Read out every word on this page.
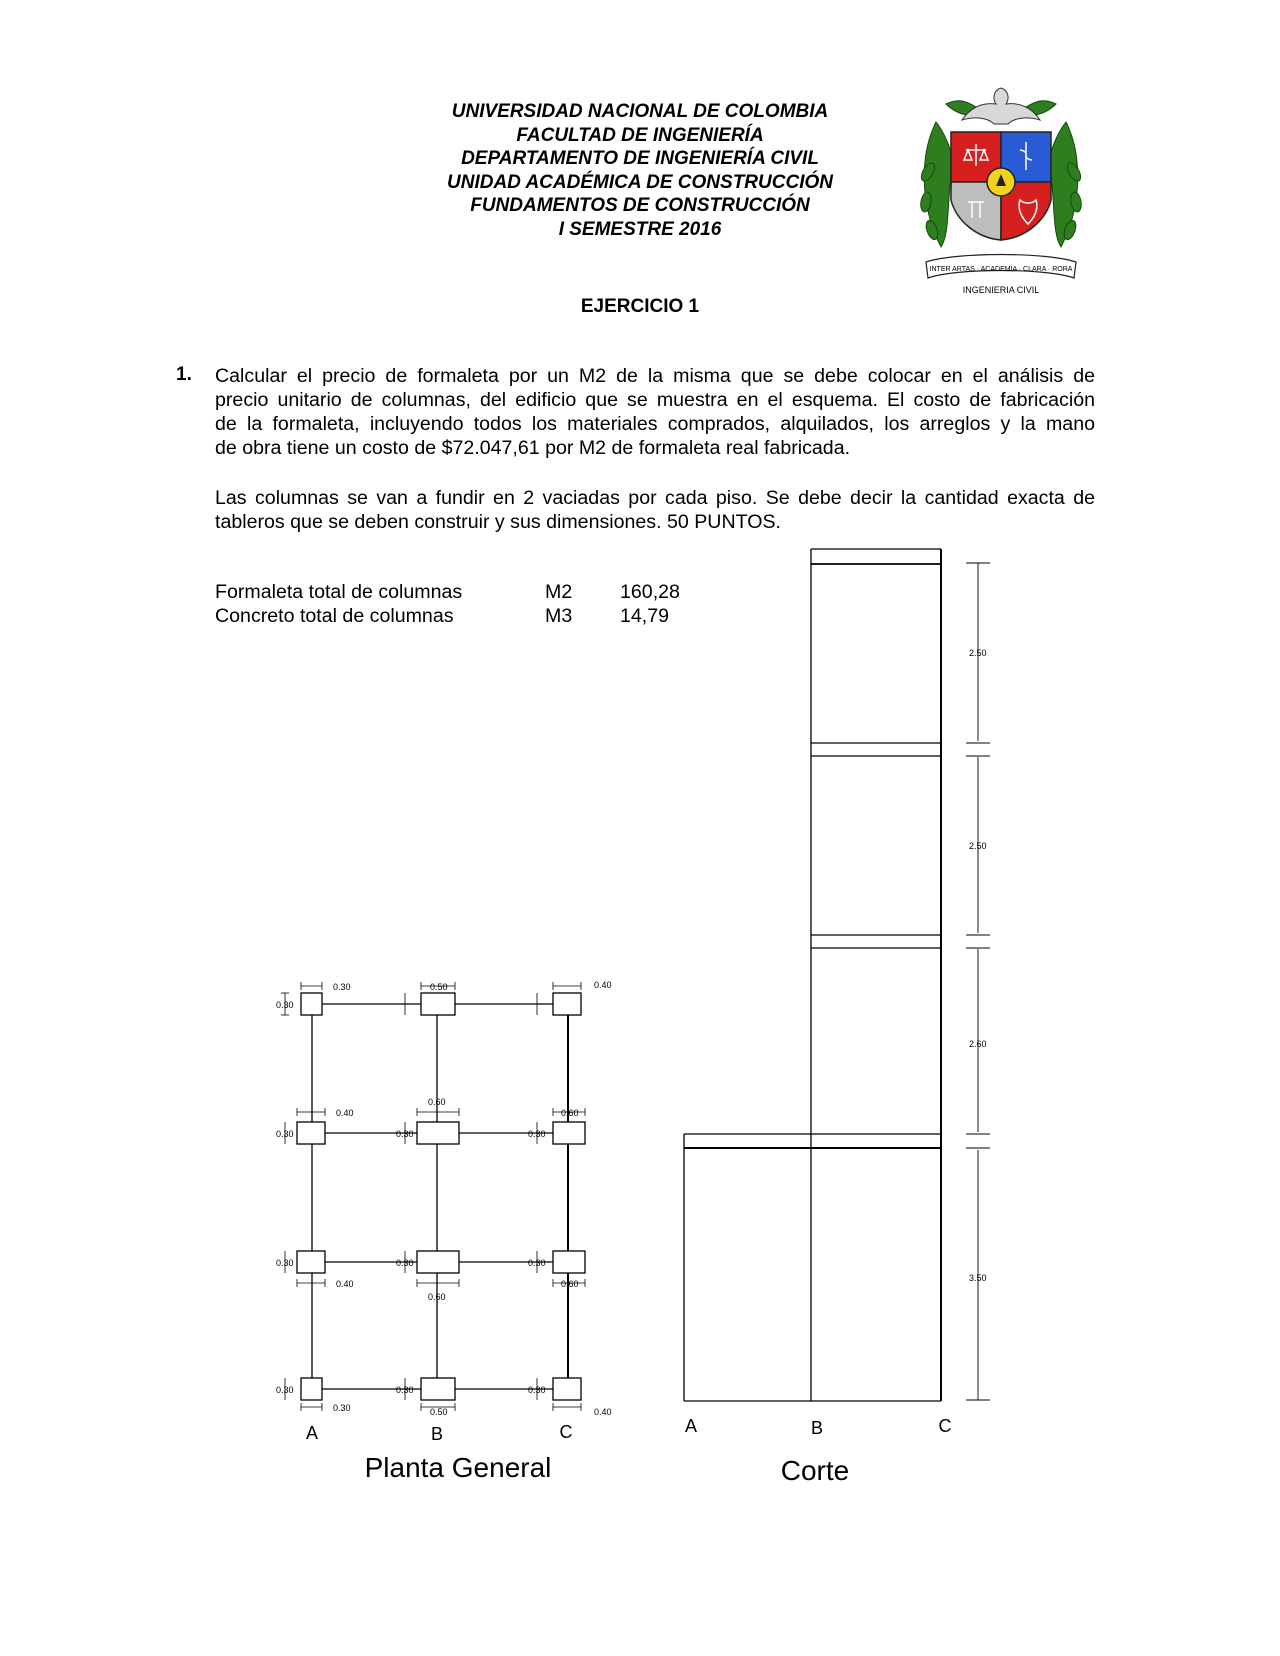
UNIVERSIDAD NACIONAL DE COLOMBIA
FACULTAD DE INGENIERÍA
DEPARTAMENTO DE INGENIERÍA CIVIL
UNIDAD ACADÉMICA DE CONSTRUCCIÓN
FUNDAMENTOS DE CONSTRUCCIÓN
I SEMESTRE 2016
INTER ARTAS · ACADEMIA · CLARA · RORA
INGENIERIA CIVIL
EJERCICIO 1
1. Calcular el precio de formaleta por un M2 de la misma que se debe colocar en el análisis de
precio unitario de columnas, del edificio que se muestra en el esquema. El costo de fabricación
de la formaleta, incluyendo todos los materiales comprados, alquilados, los arreglos y la mano
de obra tiene un costo de $72.047,61 por M2 de formaleta real fabricada.
Las columnas se van a fundir en 2 vaciadas por cada piso. Se debe decir la cantidad exacta de
tableros que se deben construir y sus dimensiones. 50 PUNTOS.
Formaleta total de columnas	M2 160,28
Concreto total de columnas	M3 14,79
0.30	0.50	0.40
0.30
0.60
0.60
0.40
0.30	0.30	0.30
0.30	0.30	0.30
0.40
0.60
0.60
0.30	0.30	0.30
0.30	0.50	0.40
A	B	C
Planta General
2.50
2.50
2.60
3.50
A	B	C
Corte
